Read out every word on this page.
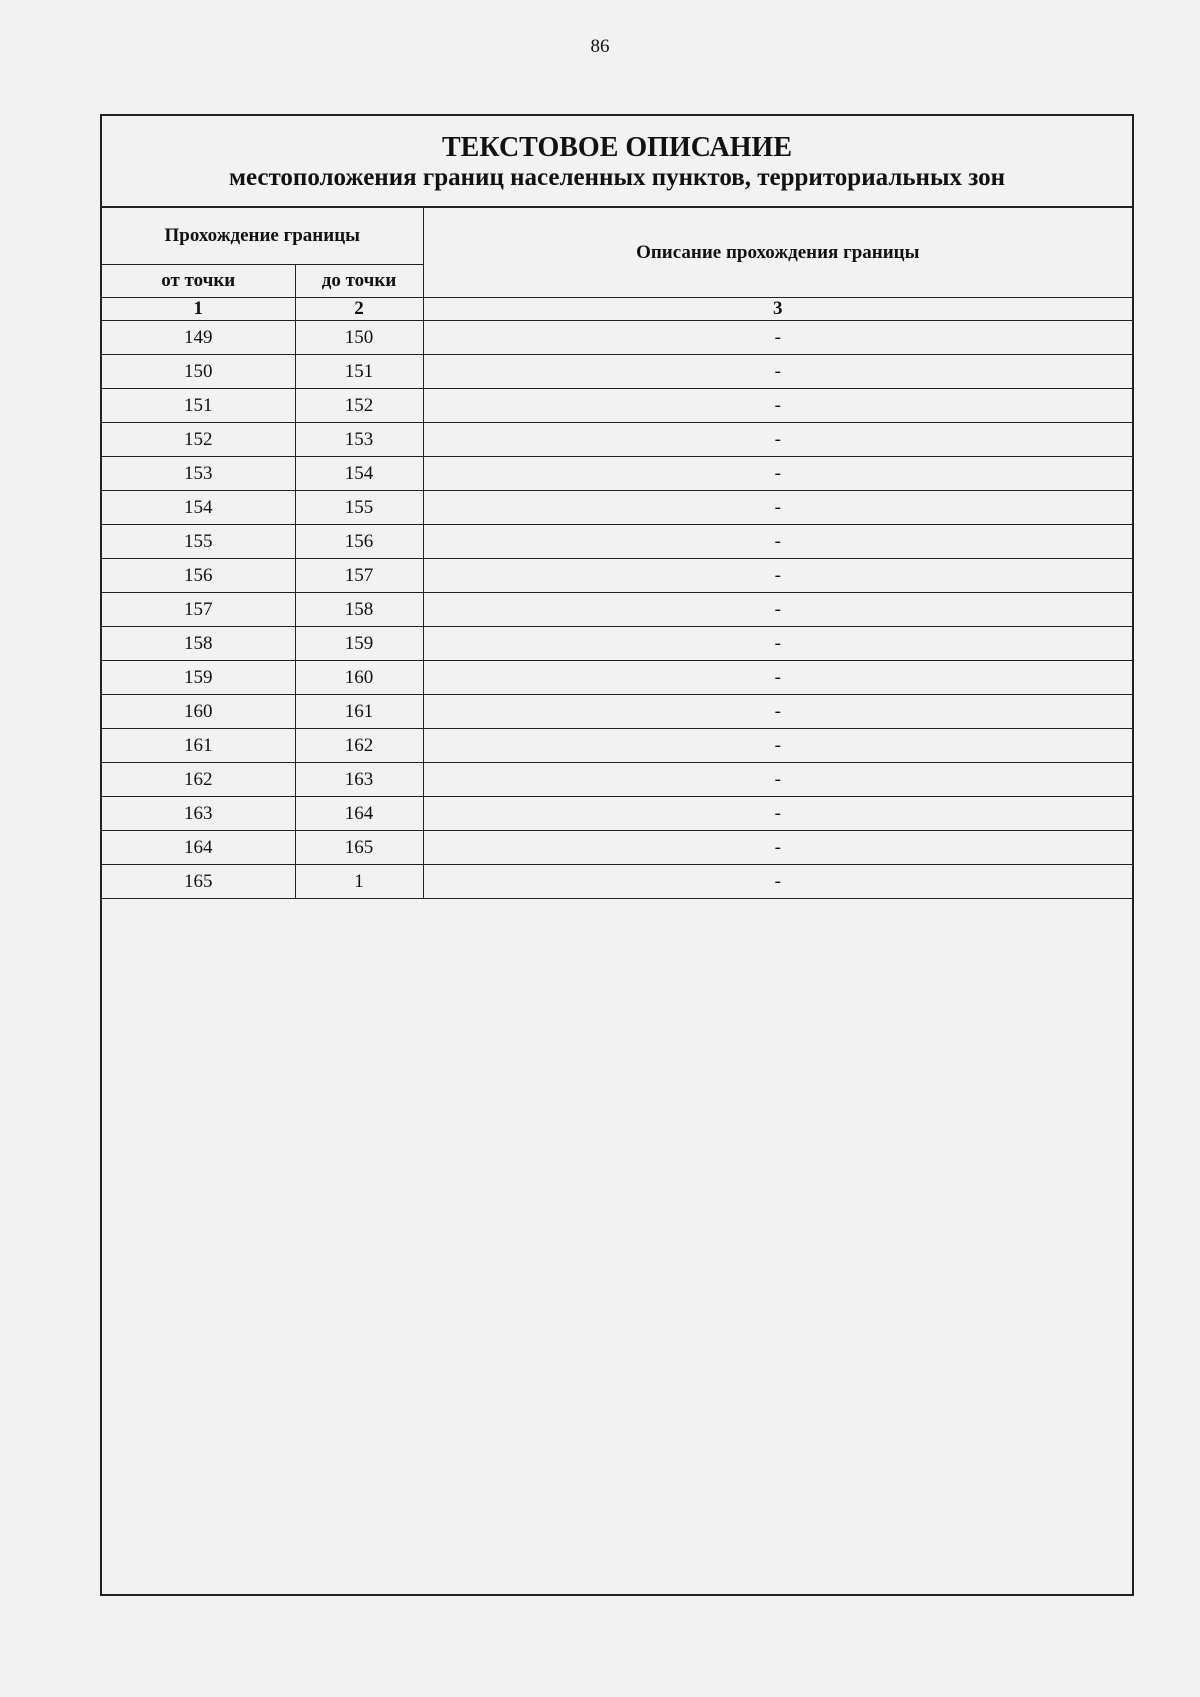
86
ТЕКСТОВОЕ ОПИСАНИЕ
местоположения границ населенных пунктов, территориальных зон
Прохождение границы		Описание прохождения границы
от точки	до точки	
1	2	3
149	150	-
150	151	-
151	152	-
152	153	-
153	154	-
154	155	-
155	156	-
156	157	-
157	158	-
158	159	-
159	160	-
160	161	-
161	162	-
162	163	-
163	164	-
164	165	-
165	1	-
